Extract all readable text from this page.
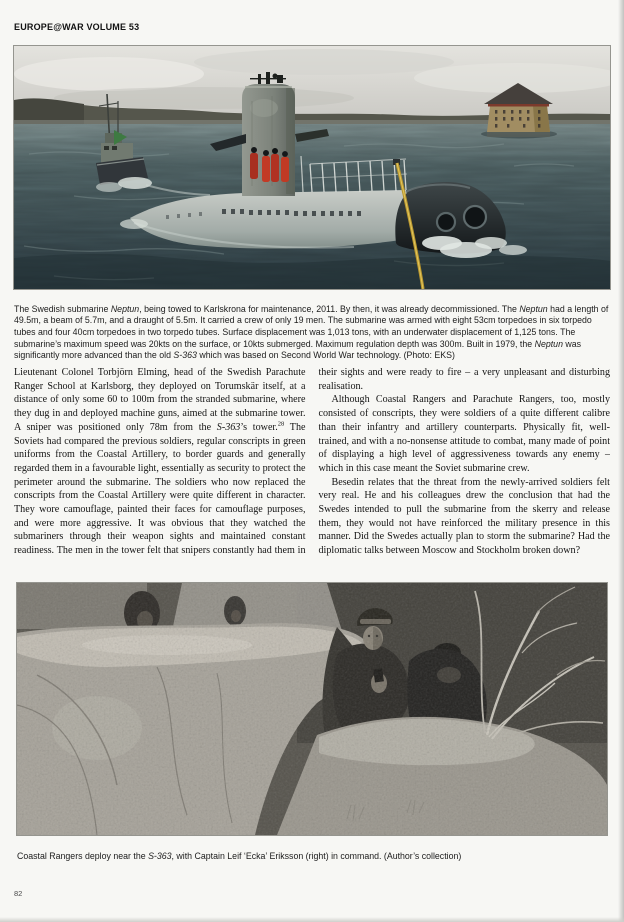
EUROPE@WAR VOLUME 53

The Swedish submarine Neptun, being towed to Karlskrona for maintenance, 2011. By then, it was already decommissioned. The Neptun had a length of 49.5m, a beam of 5.7m, and a draught of 5.5m. It carried a crew of only 19 men. The submarine was armed with eight 53cm torpedoes in six torpedo tubes and four 40cm torpedoes in two torpedo tubes. Surface displacement was 1,013 tons, with an underwater displacement of 1,125 tons. The submarine’s maximum speed was 20kts on the surface, or 10kts submerged. Maximum regulation depth was 300m. Built in 1979, the Neptun was significantly more advanced than the old S-363 which was based on Second World War technology. (Photo: EKS)

Lieutenant Colonel Torbjörn Elming, head of the Swedish Parachute Ranger School at Karlsborg, they deployed on Torumskär itself, at a distance of only some 60 to 100m from the stranded submarine, where they dug in and deployed machine guns, aimed at the submarine tower. A sniper was positioned only 78m from the S-363’s tower.$^{28}$ The Soviets had compared the previous soldiers, regular conscripts in green uniforms from the Coastal Artillery, to border guards and generally regarded them in a favourable light, essentially as security to protect the perimeter around the submarine. The soldiers who now replaced the conscripts from the Coastal Artillery were quite different in character. They wore camouflage, painted their faces for camouflage purposes, and were more aggressive. It was obvious that they watched the submariners through their weapon sights and maintained constant readiness. The men in the tower felt that snipers constantly had them in their sights and were ready to fire – a very unpleasant and disturbing realisation.

Although Coastal Rangers and Parachute Rangers, too, mostly consisted of conscripts, they were soldiers of a quite different calibre than their infantry and artillery counterparts. Physically fit, well-trained, and with a no-nonsense attitude to combat, many made of point of displaying a high level of aggressiveness towards any enemy – which in this case meant the Soviet submarine crew.

Besedin relates that the threat from the newly-arrived soldiers felt very real. He and his colleagues drew the conclusion that had the Swedes intended to pull the submarine from the skerry and release them, they would not have reinforced the military presence in this manner. Did the Swedes actually plan to storm the submarine? Had the diplomatic talks between Moscow and Stockholm broken down?

Coastal Rangers deploy near the S-363, with Captain Leif ‘Ecka’ Eriksson (right) in command. (Author’s collection)

82
